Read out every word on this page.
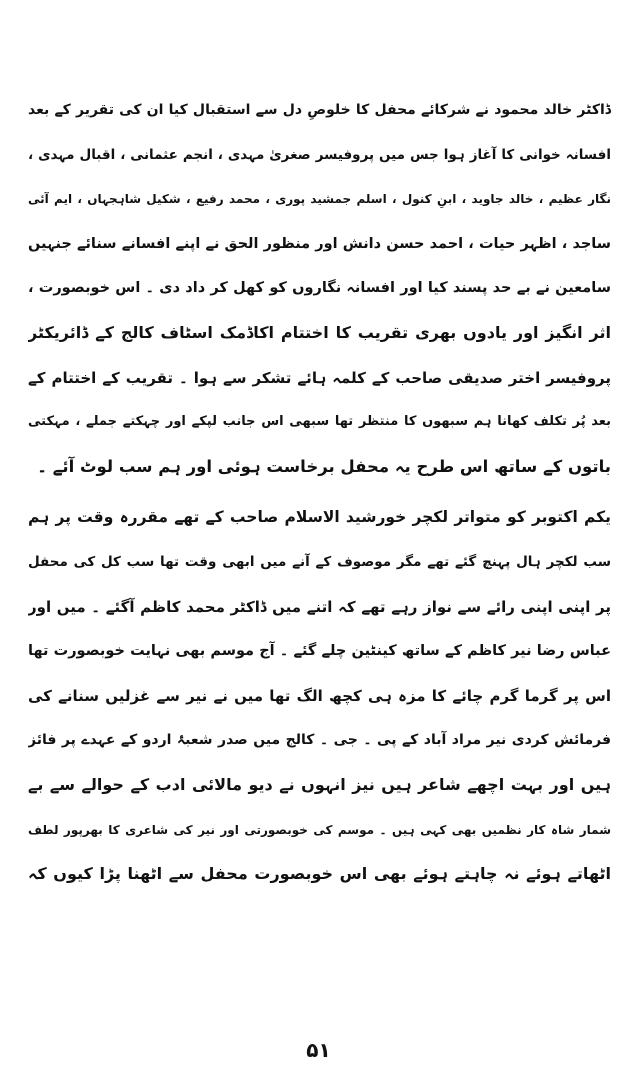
ڈاکٹر خالد محمود نے شرکائے محفل کا خلوصِ دل سے استقبال کیا ان کی تقریر کے بعد
افسانہ خوانی کا آغاز ہوا جس میں پروفیسر صغریٰ مہدی ، انجم عثمانی ، اقبال مہدی ،
نگار عظیم ، خالد جاوید ، ابنِ کنول ، اسلم جمشید پوری ، محمد رفیع ، شکیل شاہجہاں ، ایم آئی
ساجد ، اظہر حیات ، احمد حسن دانش اور منظور الحق نے اپنے افسانے سنائے جنہیں
سامعین نے بے حد پسند کیا اور افسانہ نگاروں کو کھل کر داد دی ۔ اس خوبصورت ،
اثر انگیز اور یادوں بھری تقریب کا اختتام اکاڈمک اسٹاف کالج کے ڈائریکٹر
پروفیسر اختر صدیقی صاحب کے کلمہ ہائے تشکر سے ہوا ۔ تقریب کے اختتام کے
بعد پُر تکلف کھانا ہم سبھوں کا منتظر تھا سبھی اس جانب لپکے اور چہکتے جملے ، مہکتی
باتوں کے ساتھ اس طرح یہ محفل برخاست ہوئی اور ہم سب لوٹ آئے ۔
یکم اکتوبر کو متواتر لکچر خورشید الاسلام صاحب کے تھے مقررہ وقت پر ہم
سب لکچر ہال پہنچ گئے تھے مگر موصوف کے آنے میں ابھی وقت تھا سب کل کی محفل
پر اپنی اپنی رائے سے نواز رہے تھے کہ اتنے میں ڈاکٹر محمد کاظم آگئے ۔ میں اور
عباس رضا نیر کاظم کے ساتھ کینٹین چلے گئے ۔ آج موسم بھی نہایت خوبصورت تھا
اس پر گرما گرم چائے کا مزہ ہی کچھ الگ تھا میں نے نیر سے غزلیں سنانے کی
فرمائش کردی نیر مراد آباد کے پی ۔ جی ۔ کالج میں صدر شعبۂ اردو کے عہدے پر فائز
ہیں اور بہت اچھے شاعر ہیں نیز انہوں نے دیو مالائی ادب کے حوالے سے بے
شمار شاہ کار نظمیں بھی کہی ہیں ۔ موسم کی خوبصورتی اور نیر کی شاعری کا بھرپور لطف
اٹھاتے ہوئے نہ چاہتے ہوئے بھی اس خوبصورت محفل سے اٹھنا پڑا کیوں کہ
۵۱
